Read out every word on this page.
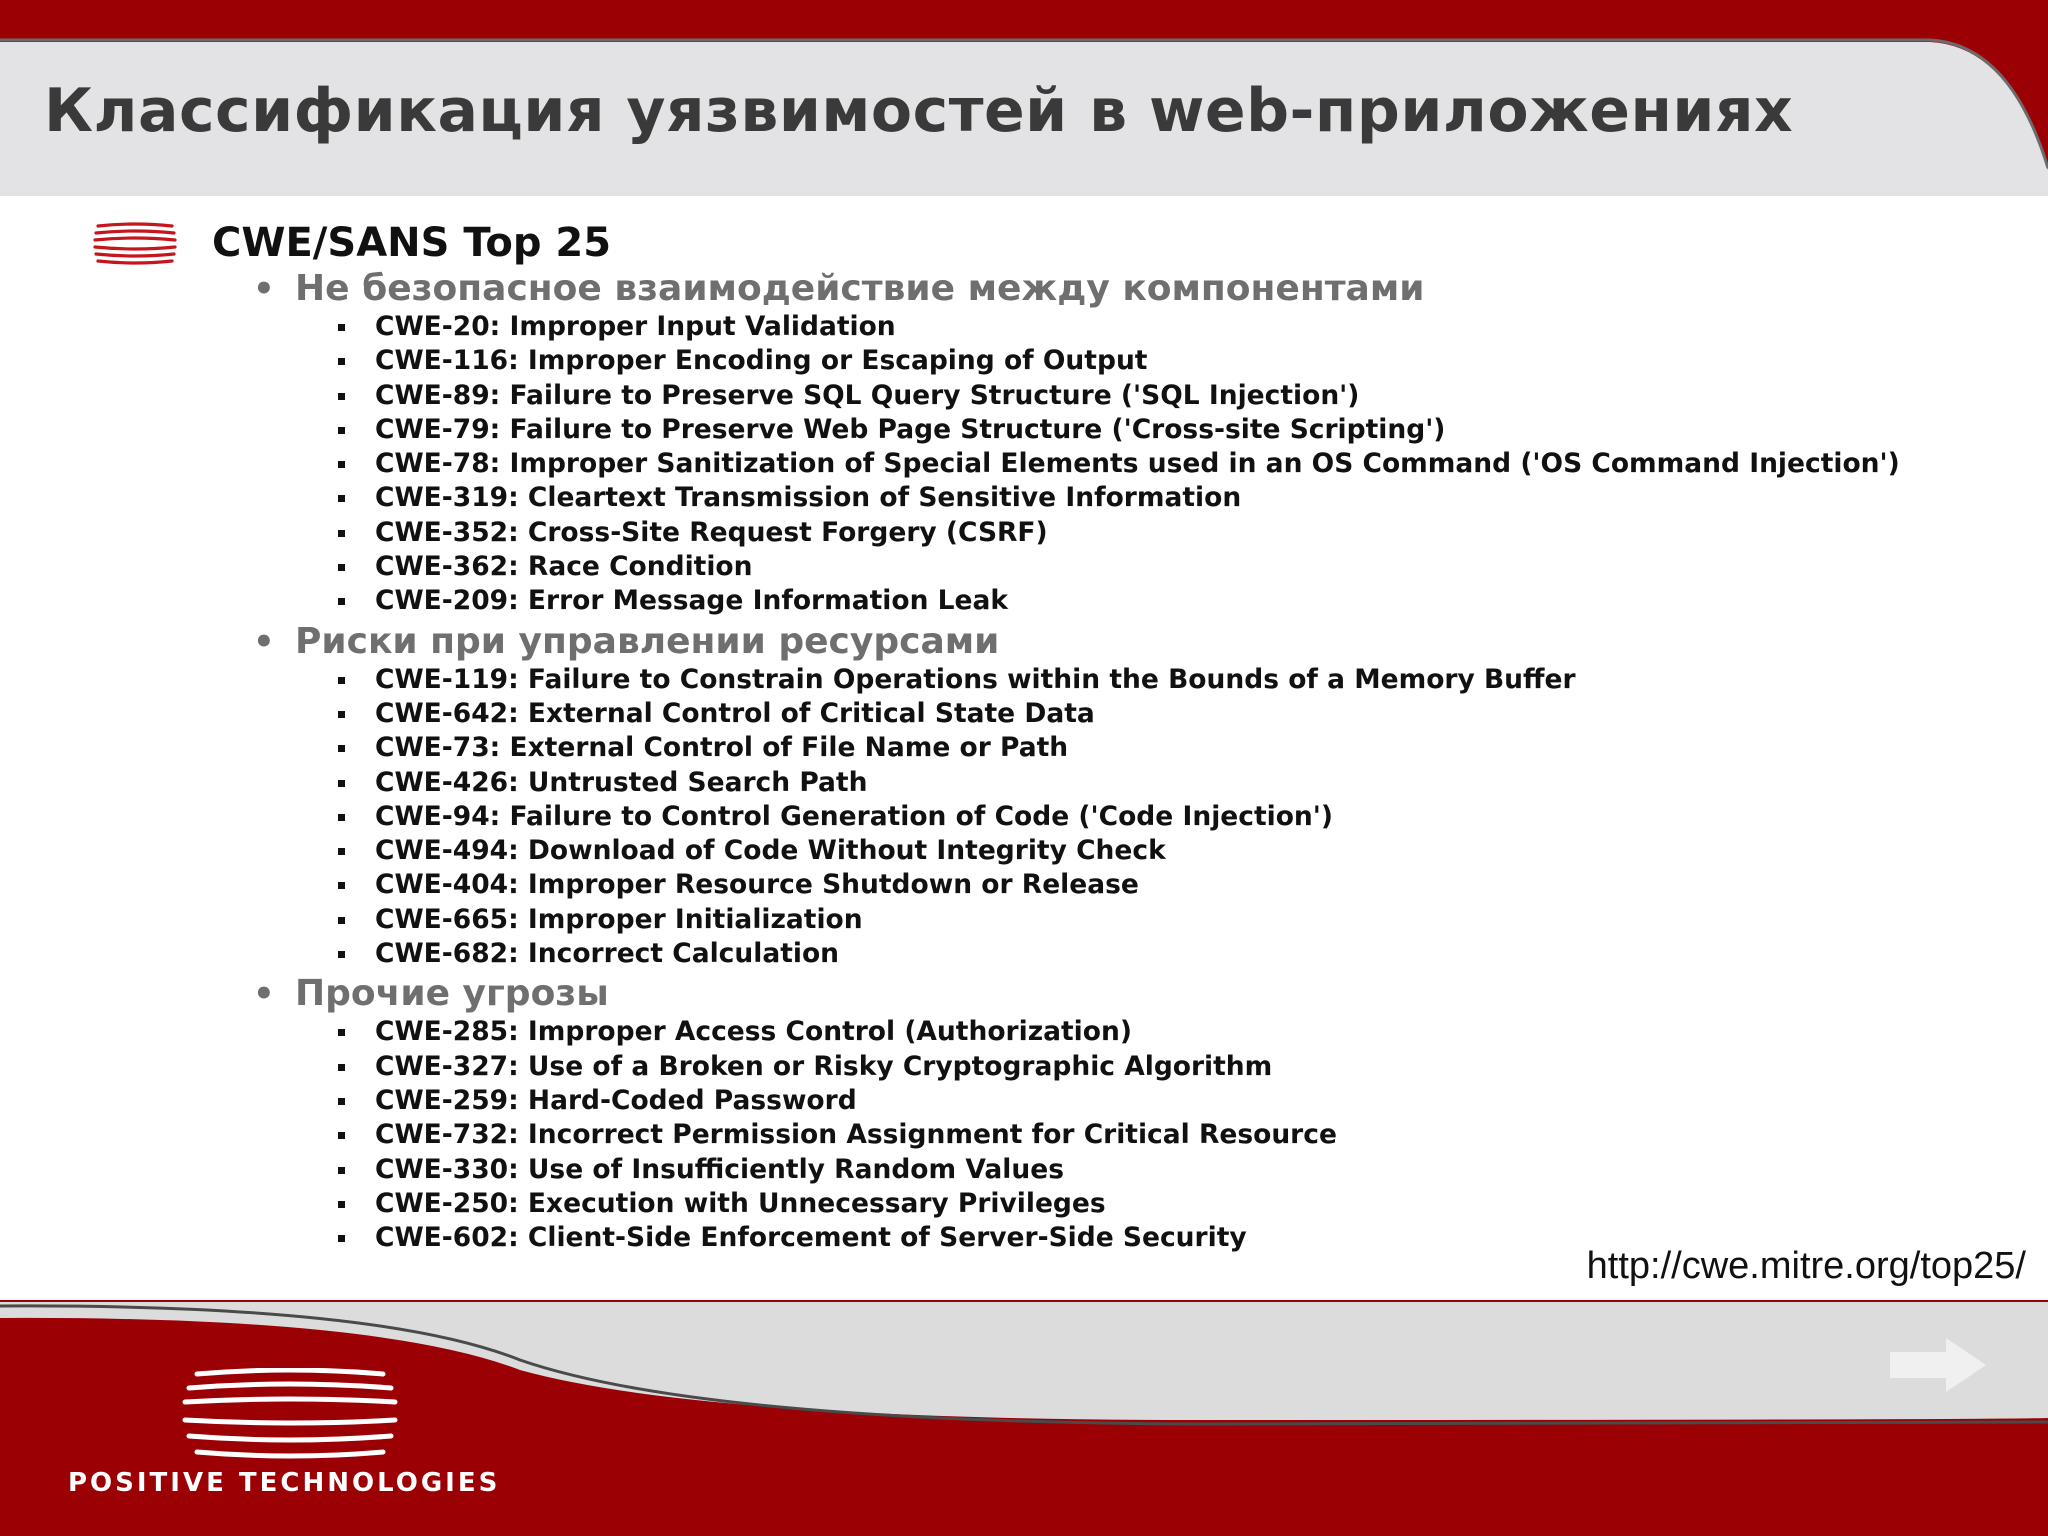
Классификация уязвимостей в web-приложениях
CWE/SANS Top 25
• Не безопасное взаимодействие между компонентами
CWE-20: Improper Input Validation
CWE-116: Improper Encoding or Escaping of Output
CWE-89: Failure to Preserve SQL Query Structure ('SQL Injection')
CWE-79: Failure to Preserve Web Page Structure ('Cross-site Scripting')
CWE-78: Improper Sanitization of Special Elements used in an OS Command ('OS Command Injection')
CWE-319: Cleartext Transmission of Sensitive Information
CWE-352: Cross-Site Request Forgery (CSRF)
CWE-362: Race Condition
CWE-209: Error Message Information Leak
• Риски при управлении ресурсами
CWE-119: Failure to Constrain Operations within the Bounds of a Memory Buffer
CWE-642: External Control of Critical State Data
CWE-73: External Control of File Name or Path
CWE-426: Untrusted Search Path
CWE-94: Failure to Control Generation of Code ('Code Injection')
CWE-494: Download of Code Without Integrity Check
CWE-404: Improper Resource Shutdown or Release
CWE-665: Improper Initialization
CWE-682: Incorrect Calculation
• Прочие угрозы
CWE-285: Improper Access Control (Authorization)
CWE-327: Use of a Broken or Risky Cryptographic Algorithm
CWE-259: Hard-Coded Password
CWE-732: Incorrect Permission Assignment for Critical Resource
CWE-330: Use of Insufficiently Random Values
CWE-250: Execution with Unnecessary Privileges
CWE-602: Client-Side Enforcement of Server-Side Security
http://cwe.mitre.org/top25/
POSITIVE TECHNOLOGIES
